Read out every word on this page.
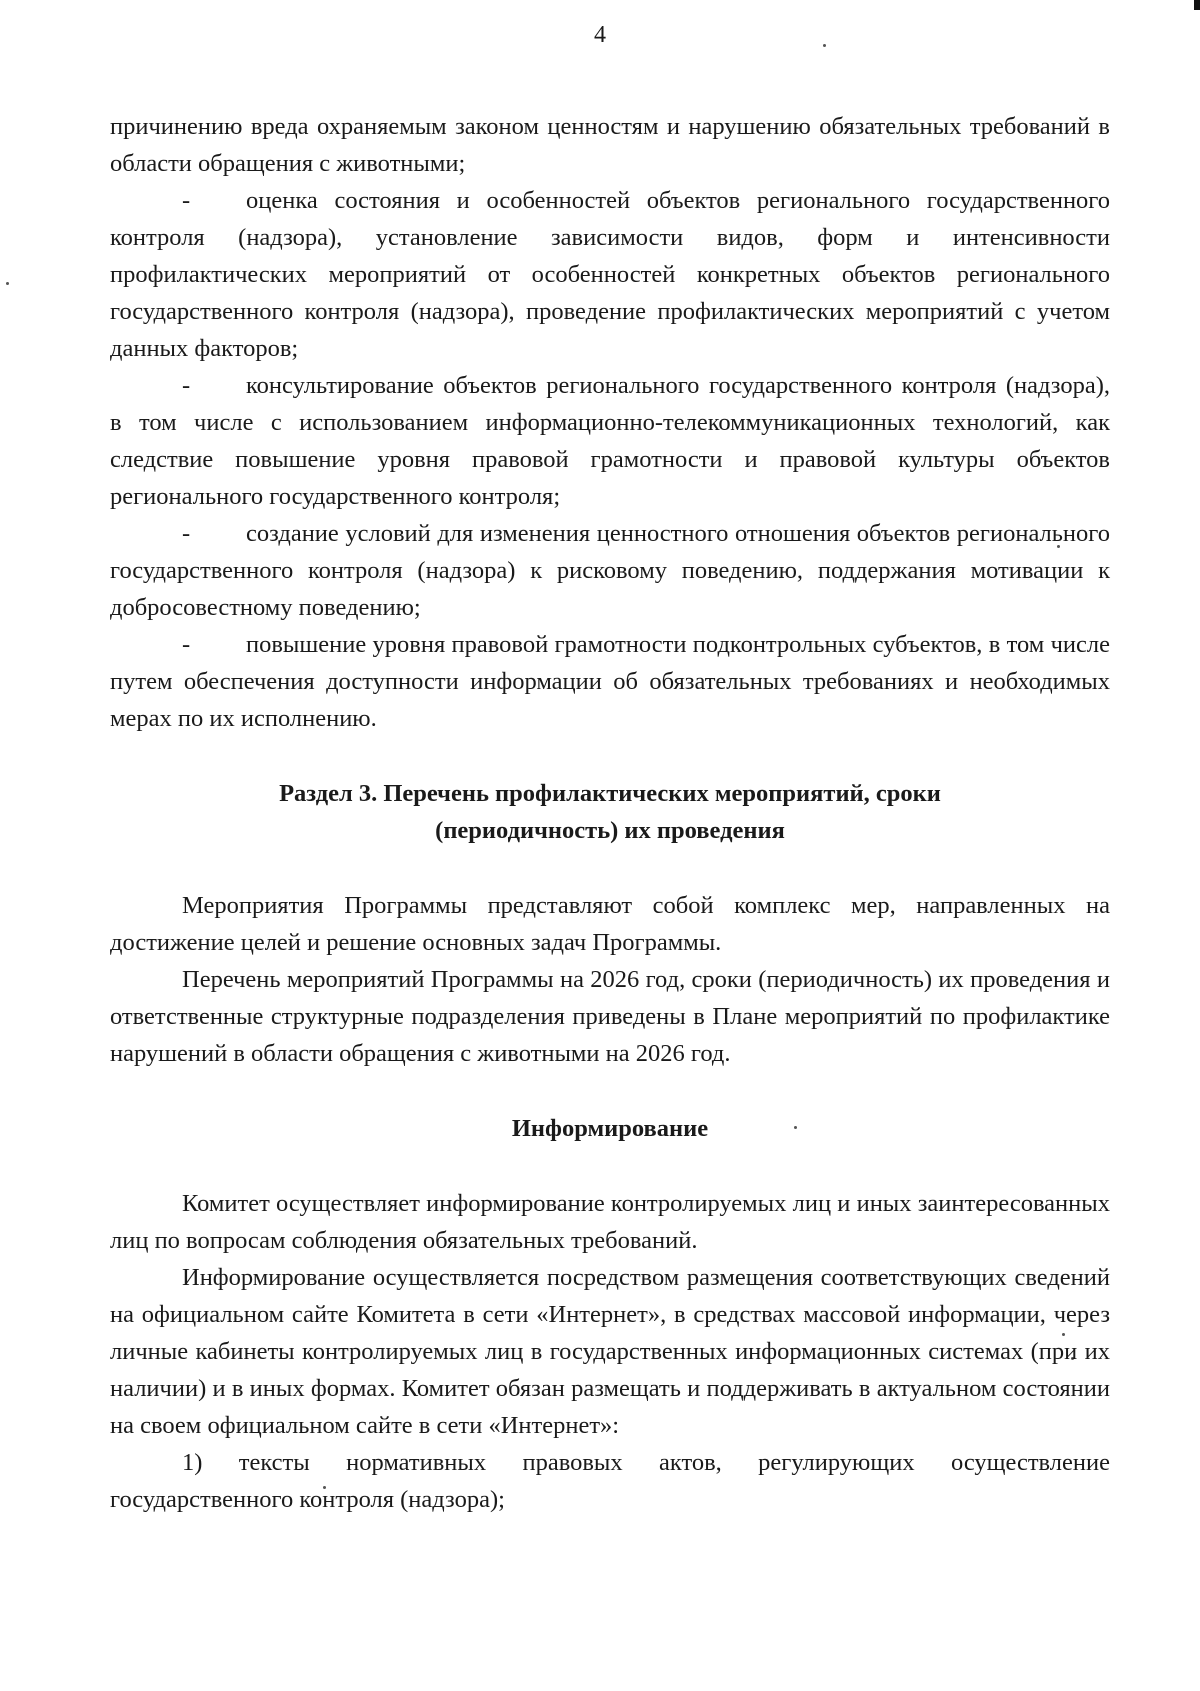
4

причинению вреда охраняемым законом ценностям и нарушению обязательных требований в области обращения с животными;

- оценка состояния и особенностей объектов регионального государственного контроля (надзора), установление зависимости видов, форм и интенсивности профилактических мероприятий от особенностей конкретных объектов регионального государственного контроля (надзора), проведение профилактических мероприятий с учетом данных факторов;

- консультирование объектов регионального государственного контроля (надзора), в том числе с использованием информационно-телекоммуникационных технологий, как следствие повышение уровня правовой грамотности и правовой культуры объектов регионального государственного контроля;

- создание условий для изменения ценностного отношения объектов регионального государственного контроля (надзора) к рисковому поведению, поддержания мотивации к добросовестному поведению;

- повышение уровня правовой грамотности подконтрольных субъектов, в том числе путем обеспечения доступности информации об обязательных требованиях и необходимых мерах по их исполнению.

Раздел 3. Перечень профилактических мероприятий, сроки (периодичность) их проведения

Мероприятия Программы представляют собой комплекс мер, направленных на достижение целей и решение основных задач Программы.

Перечень мероприятий Программы на 2026 год, сроки (периодичность) их проведения и ответственные структурные подразделения приведены в Плане мероприятий по профилактике нарушений в области обращения с животными на 2026 год.

Информирование

Комитет осуществляет информирование контролируемых лиц и иных заинтересованных лиц по вопросам соблюдения обязательных требований.

Информирование осуществляется посредством размещения соответствующих сведений на официальном сайте Комитета в сети «Интернет», в средствах массовой информации, через личные кабинеты контролируемых лиц в государственных информационных системах (при их наличии) и в иных формах. Комитет обязан размещать и поддерживать в актуальном состоянии на своем официальном сайте в сети «Интернет»:

1) тексты нормативных правовых актов, регулирующих осуществление государственного контроля (надзора);
